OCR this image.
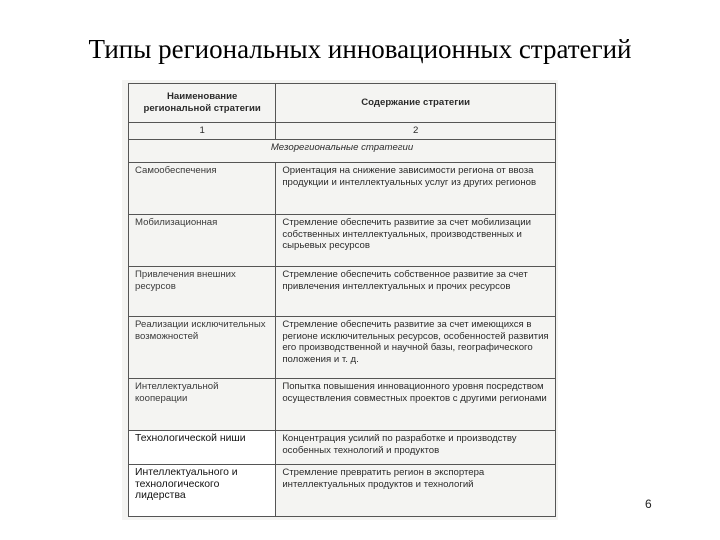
Типы региональных инновационных стратегий
Наименование региональной стратегии	Содержание стратегии
1	2
Мезорегиональные стратегии	
Самообеспечения	Ориентация на снижение зависимости региона от ввоза продукции и интеллектуальных услуг из других регионов
Мобилизационная	Стремление обеспечить развитие за счет мобилизации собственных интеллектуальных, производственных и сырьевых ресурсов
Привлечения внешних ресурсов	Стремление обеспечить собственное развитие за счет привлечения интеллектуальных и прочих ресурсов
Реализации исключительных возможностей	Стремление обеспечить развитие за счет имеющихся в регионе исключительных ресурсов, особенностей развития его производственной и научной базы, географического положения и т. д.
Интеллектуальной кооперации	Попытка повышения инновационного уровня посредством осуществления совместных проектов с другими регионами
Технологической ниши	Концентрация усилий по разработке и производству особенных технологий и продуктов
Интеллектуального и технологического лидерства	Стремление превратить регион в экспортера интеллектуальных продуктов и технологий
6
